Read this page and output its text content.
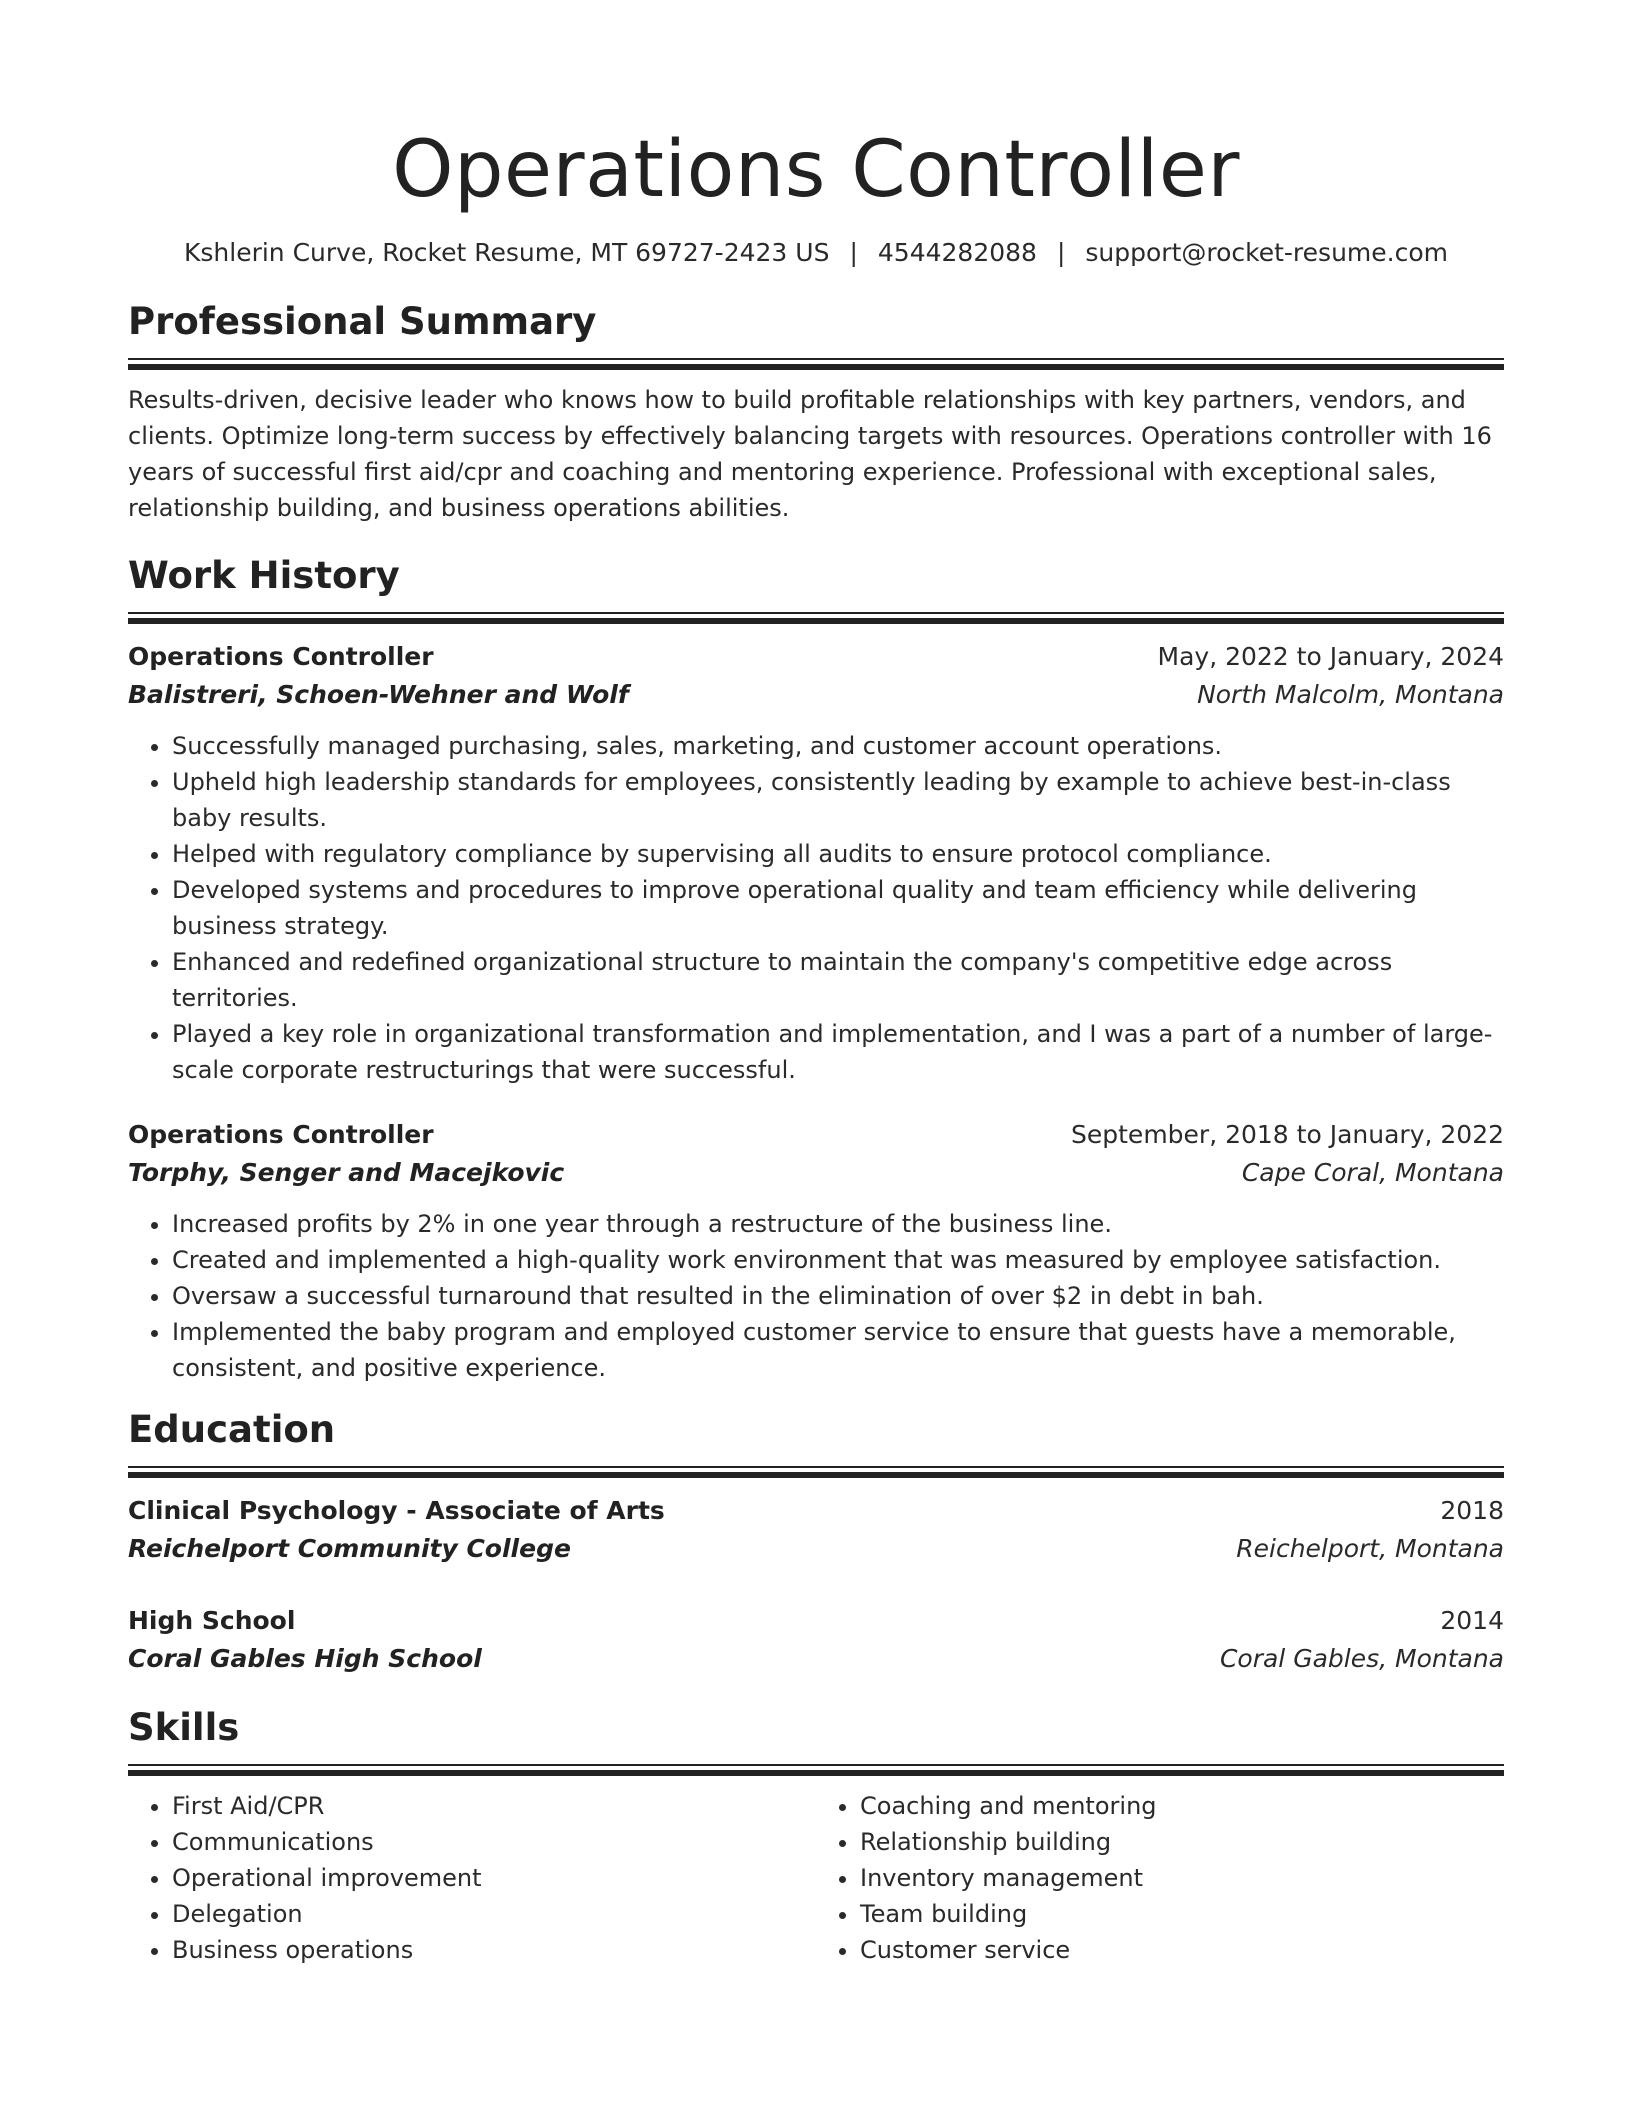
Operations Controller
Kshlerin Curve, Rocket Resume, MT 69727-2423 US | 4544282088 | support@rocket-resume.com
Professional Summary
Results-driven, decisive leader who knows how to build profitable relationships with key partners, vendors, and clients. Optimize long-term success by effectively balancing targets with resources. Operations controller with 16 years of successful first aid/cpr and coaching and mentoring experience. Professional with exceptional sales, relationship building, and business operations abilities.
Work History
Operations Controller	May, 2022 to January, 2024
Balistreri, Schoen-Wehner and Wolf	North Malcolm, Montana
• Successfully managed purchasing, sales, marketing, and customer account operations.
• Upheld high leadership standards for employees, consistently leading by example to achieve best-in-class baby results.
• Helped with regulatory compliance by supervising all audits to ensure protocol compliance.
• Developed systems and procedures to improve operational quality and team efficiency while delivering business strategy.
• Enhanced and redefined organizational structure to maintain the company's competitive edge across territories.
• Played a key role in organizational transformation and implementation, and I was a part of a number of large-scale corporate restructurings that were successful.
Operations Controller	September, 2018 to January, 2022
Torphy, Senger and Macejkovic	Cape Coral, Montana
• Increased profits by 2% in one year through a restructure of the business line.
• Created and implemented a high-quality work environment that was measured by employee satisfaction.
• Oversaw a successful turnaround that resulted in the elimination of over $2 in debt in bah.
• Implemented the baby program and employed customer service to ensure that guests have a memorable, consistent, and positive experience.
Education
Clinical Psychology - Associate of Arts	2018
Reichelport Community College	Reichelport, Montana
High School	2014
Coral Gables High School	Coral Gables, Montana
Skills
• First Aid/CPR
• Communications
• Operational improvement
• Delegation
• Business operations
• Coaching and mentoring
• Relationship building
• Inventory management
• Team building
• Customer service
